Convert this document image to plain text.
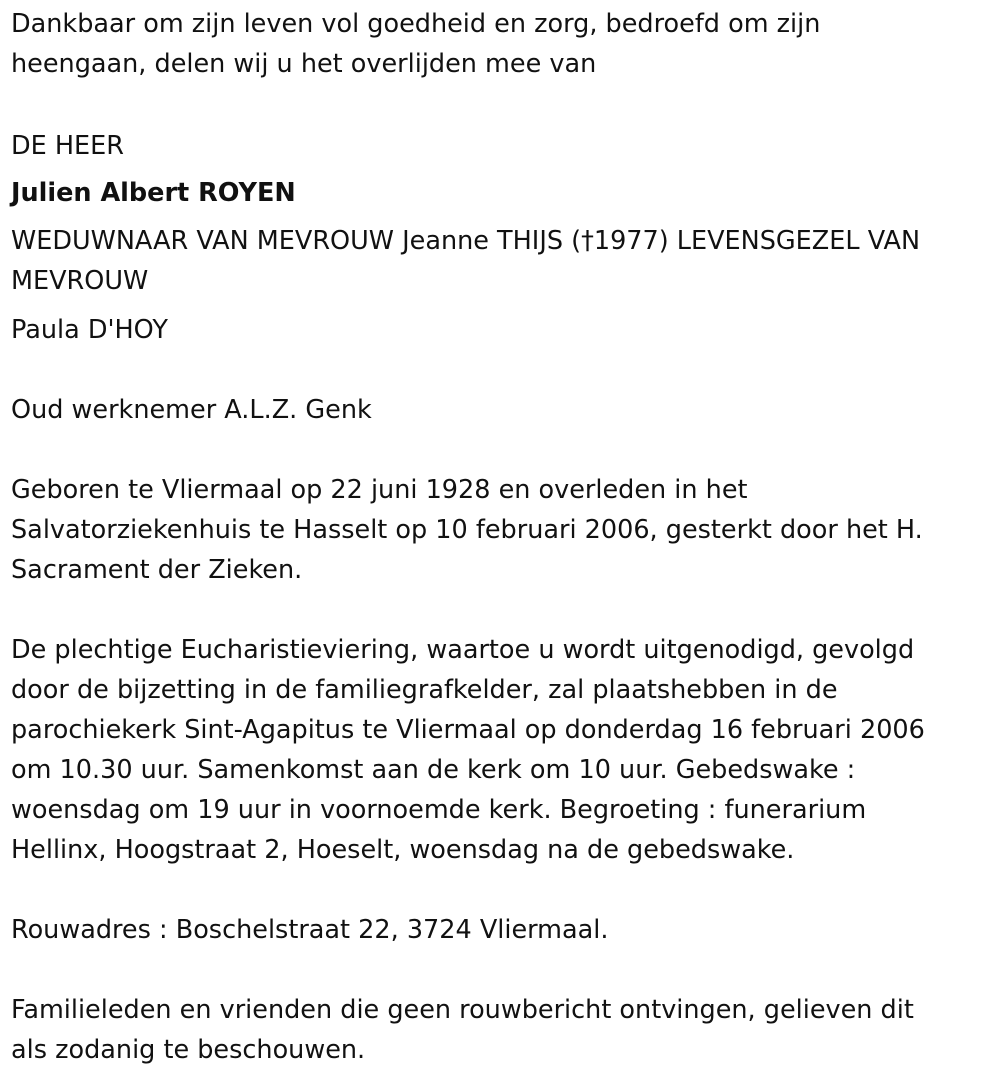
Dankbaar om zijn leven vol goedheid en zorg, bedroefd om zijn
heengaan, delen wij u het overlijden mee van

DE HEER

Julien Albert ROYEN

WEDUWNAAR VAN MEVROUW Jeanne THIJS (†1977) LEVENSGEZEL VAN
MEVROUW

Paula D'HOY

Oud werknemer A.L.Z. Genk

Geboren te Vliermaal op 22 juni 1928 en overleden in het
Salvatorziekenhuis te Hasselt op 10 februari 2006, gesterkt door het H.
Sacrament der Zieken.

De plechtige Eucharistieviering, waartoe u wordt uitgenodigd, gevolgd
door de bijzetting in de familiegrafkelder, zal plaatshebben in de
parochiekerk Sint-Agapitus te Vliermaal op donderdag 16 februari 2006
om 10.30 uur. Samenkomst aan de kerk om 10 uur. Gebedswake :
woensdag om 19 uur in voornoemde kerk. Begroeting : funerarium
Hellinx, Hoogstraat 2, Hoeselt, woensdag na de gebedswake.

Rouwadres : Boschelstraat 22, 3724 Vliermaal.

Familieleden en vrienden die geen rouwbericht ontvingen, gelieven dit
als zodanig te beschouwen.
